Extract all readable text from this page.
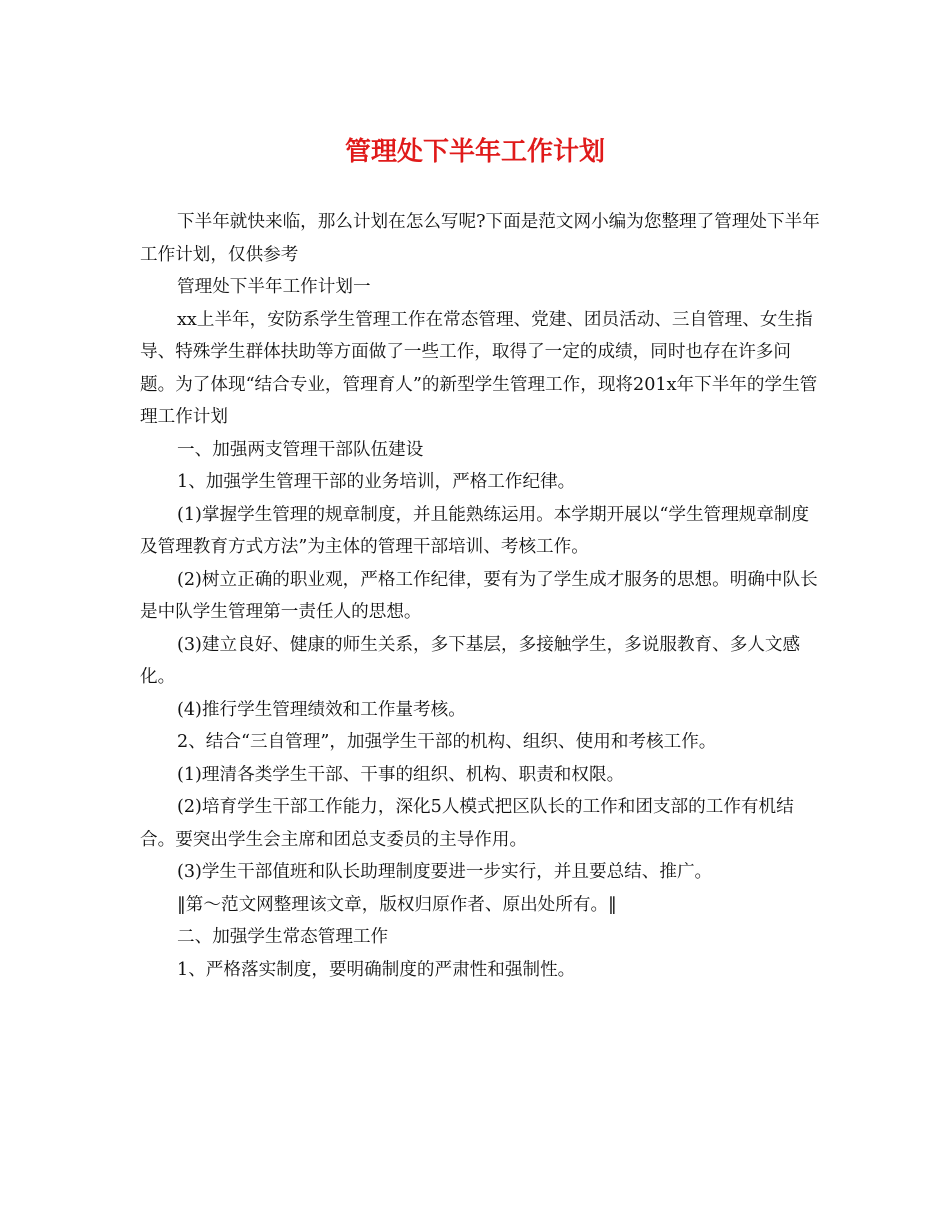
管理处下半年工作计划

下半年就快来临，那么计划在怎么写呢?下面是范文网小编为您整理了管理处下半年工作计划，仅供参考

管理处下半年工作计划一

xx上半年，安防系学生管理工作在常态管理、党建、团员活动、三自管理、女生指导、特殊学生群体扶助等方面做了一些工作，取得了一定的成绩，同时也存在许多问题。为了体现“结合专业，管理育人”的新型学生管理工作，现将201x年下半年的学生管理工作计划

一、加强两支管理干部队伍建设

1、加强学生管理干部的业务培训，严格工作纪律。

(1)掌握学生管理的规章制度，并且能熟练运用。本学期开展以“学生管理规章制度及管理教育方式方法”为主体的管理干部培训、考核工作。

(2)树立正确的职业观，严格工作纪律，要有为了学生成才服务的思想。明确中队长是中队学生管理第一责任人的思想。

(3)建立良好、健康的师生关系，多下基层，多接触学生，多说服教育、多人文感化。

(4)推行学生管理绩效和工作量考核。

2、结合“三自管理”，加强学生干部的机构、组织、使用和考核工作。

(1)理清各类学生干部、干事的组织、机构、职责和权限。

(2)培育学生干部工作能力，深化5人模式把区队长的工作和团支部的工作有机结合。要突出学生会主席和团总支委员的主导作用。

(3)学生干部值班和队长助理制度要进一步实行，并且要总结、推广。

‖第～范文网整理该文章，版权归原作者、原出处所有。‖

二、加强学生常态管理工作

1、严格落实制度，要明确制度的严肃性和强制性。
